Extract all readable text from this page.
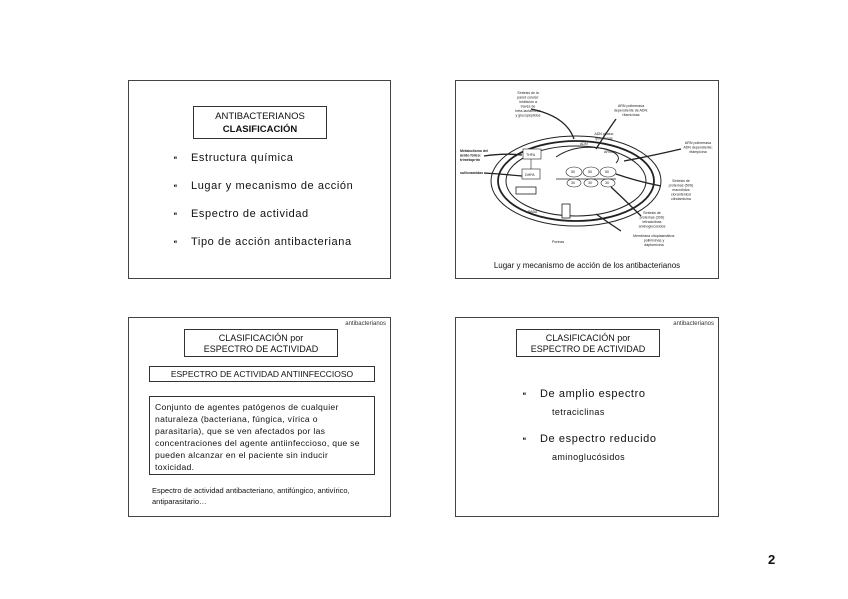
ANTIBACTERIANOS
CLASIFICACIÓN
⁌ Estructura química
⁌ Lugar y mecanismo de acción
⁌ Espectro de actividad
⁌ Tipo de acción antibacteriana
Síntesis de la pared celular: inhibición a través de beta-lactámicos y glucopéptidos
ARN polimerasa dependiente de ADN: rifamicinas
ADN girasa: quinolonas
ARN polimerasa ADN dependiente: rifampicina
Metabolismo del ácido fólico: trimetoprim
sulfonamidas
THFA
DHFA
PABA
ADN
ARNm
50
30
50
30
50
30	Síntesis de proteínas (50S) macrólidos cloranfenicol clindamicina
Síntesis de proteínas (30S) tetraciclinas aminoglucósidos
Membrana citoplasmática: polimixinas y daptomicina
Porinas
Lugar y mecanismo de acción de los antibacterianos
antibacterianos
CLASIFICACIÓN por
ESPECTRO DE ACTIVIDAD
ESPECTRO DE ACTIVIDAD ANTIINFECCIOSO
Conjunto de agentes patógenos de cualquier
naturaleza (bacteriana, fúngica, vírica o
parasitaria), que se ven afectados por las
concentraciones del agente antiinfeccioso, que se
pueden alcanzar en el paciente sin inducir
toxicidad.
Espectro de actividad antibacteriano, antifúngico, antivírico,
antiparasitario…
antibacterianos
CLASIFICACIÓN por
ESPECTRO DE ACTIVIDAD
⁌ De amplio espectro
tetraciclinas
⁌ De espectro reducido
aminoglucósidos
2
